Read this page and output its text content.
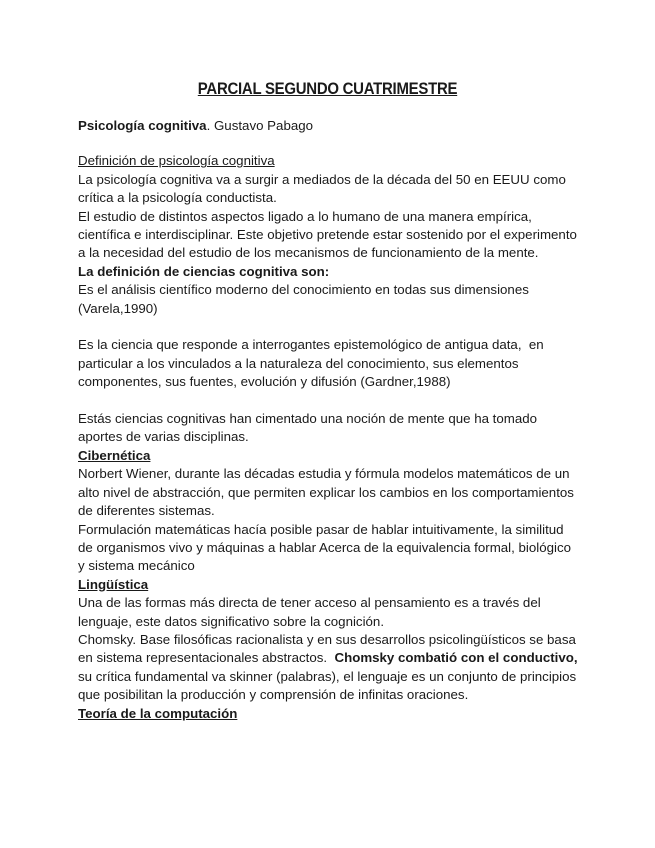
PARCIAL SEGUNDO CUATRIMESTRE

Psicología cognitiva. Gustavo Pabago

Definición de psicología cognitiva

La psicología cognitiva va a surgir a mediados de la década del 50 en EEUU como crítica a la psicología conductista.

El estudio de distintos aspectos ligado a lo humano de una manera empírica, científica e interdisciplinar. Este objetivo pretende estar sostenido por el experimento a la necesidad del estudio de los mecanismos de funcionamiento de la mente.

La definición de ciencias cognitiva son:

Es el análisis científico moderno del conocimiento en todas sus dimensiones (Varela,1990)

Es la ciencia que responde a interrogantes epistemológico de antigua data,  en particular a los vinculados a la naturaleza del conocimiento, sus elementos componentes, sus fuentes, evolución y difusión (Gardner,1988)

Estás ciencias cognitivas han cimentado una noción de mente que ha tomado aportes de varias disciplinas.

Cibernética

Norbert Wiener, durante las décadas estudia y fórmula modelos matemáticos de un alto nivel de abstracción, que permiten explicar los cambios en los comportamientos de diferentes sistemas.

Formulación matemáticas hacía posible pasar de hablar intuitivamente, la similitud de organismos vivo y máquinas a hablar Acerca de la equivalencia formal, biológico y sistema mecánico

Lingüística

Una de las formas más directa de tener acceso al pensamiento es a través del lenguaje, este datos significativo sobre la cognición.

Chomsky. Base filosóficas racionalista y en sus desarrollos psicolingüísticos se basa en sistema representacionales abstractos.  Chomsky combatió con el conductivo, su crítica fundamental va skinner (palabras), el lenguaje es un conjunto de principios que posibilitan la producción y comprensión de infinitas oraciones.

Teoría de la computación
